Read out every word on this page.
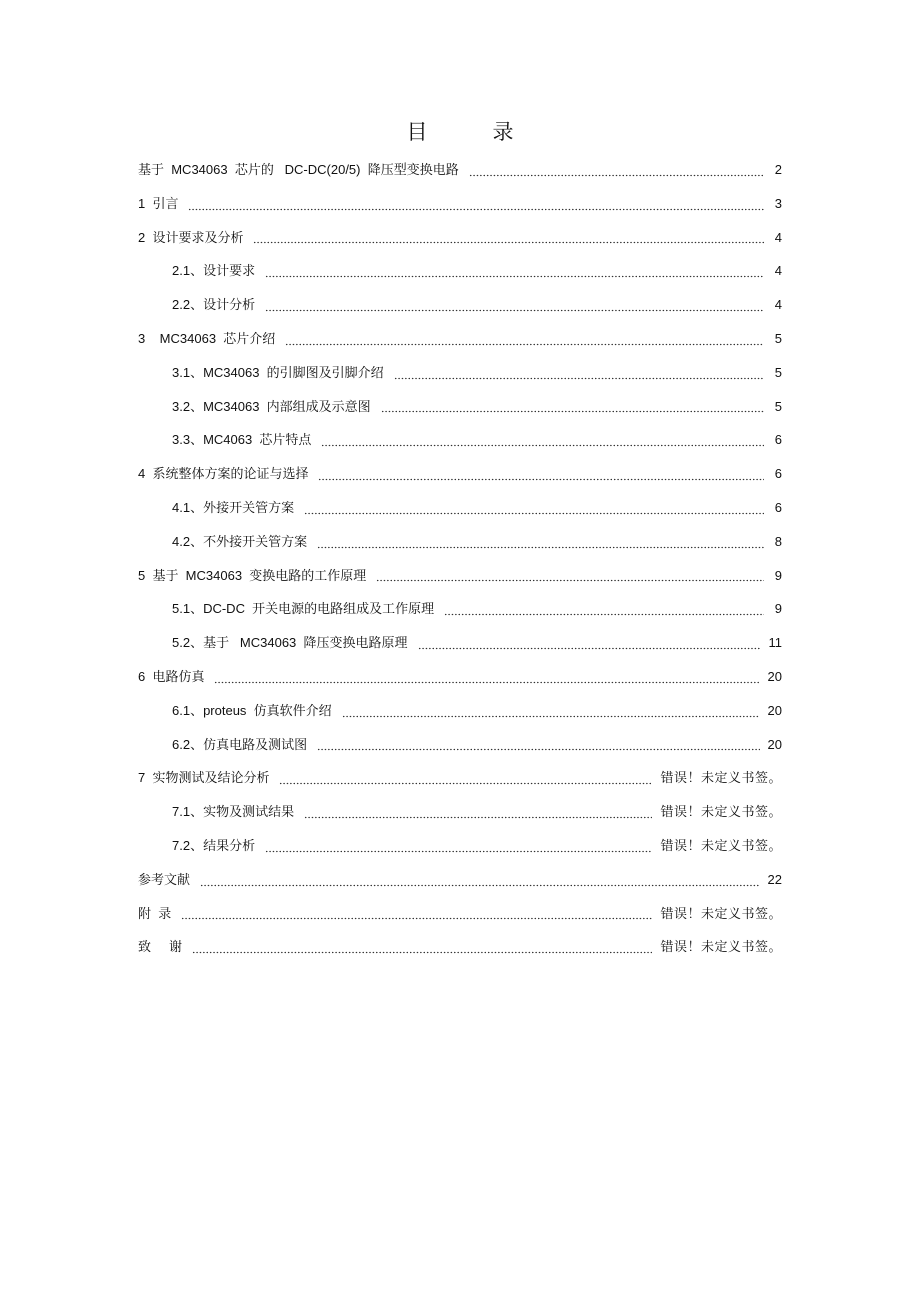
目　录
基于  MC34063  芯片的   DC-DC(20/5)  降压型变换电路	2
1  引言	3
2  设计要求及分析	4
2.1、设计要求	4
2.2、设计分析	4
3    MC34063  芯片介绍	5
3.1、MC34063  的引脚图及引脚介绍	5
3.2、MC34063  内部组成及示意图	5
3.3、MC4063  芯片特点	6
4  系统整体方案的论证与选择	6
4.1、外接开关管方案	6
4.2、不外接开关管方案	8
5  基于  MC34063  变换电路的工作原理	9
5.1、DC-DC  开关电源的电路组成及工作原理	9
5.2、基于   MC34063  降压变换电路原理	11
6  电路仿真	20
6.1、proteus  仿真软件介绍	20
6.2、仿真电路及测试图	20
7  实物测试及结论分析	错误！未定义书签。
7.1、实物及测试结果	错误！未定义书签。
7.2、结果分析	错误！未定义书签。
参考文献	22
附  录	错误！未定义书签。
致     谢	错误！未定义书签。
